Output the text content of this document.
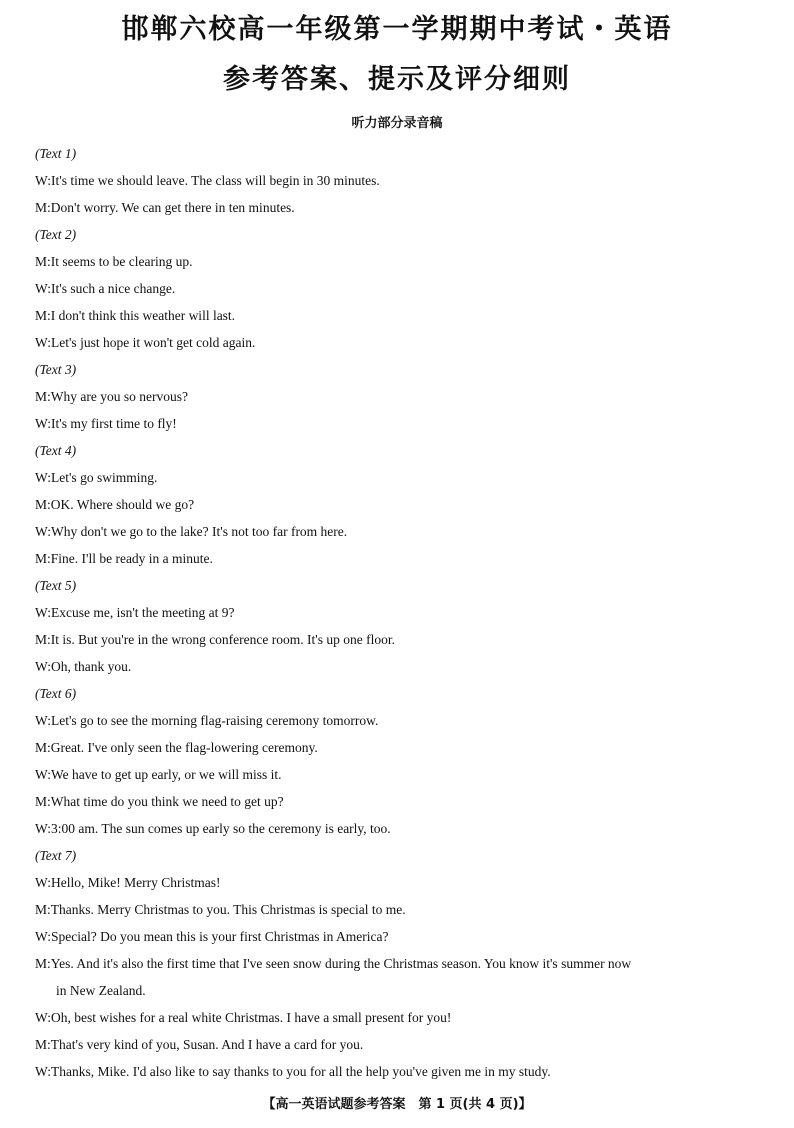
邯郸六校高一年级第一学期期中考试・英语
参考答案、提示及评分细则
听力部分录音稿
(Text 1)
W:It's time we should leave. The class will begin in 30 minutes.
M:Don't worry. We can get there in ten minutes.
(Text 2)
M:It seems to be clearing up.
W:It's such a nice change.
M:I don't think this weather will last.
W:Let's just hope it won't get cold again.
(Text 3)
M:Why are you so nervous?
W:It's my first time to fly!
(Text 4)
W:Let's go swimming.
M:OK. Where should we go?
W:Why don't we go to the lake? It's not too far from here.
M:Fine. I'll be ready in a minute.
(Text 5)
W:Excuse me, isn't the meeting at 9?
M:It is. But you're in the wrong conference room. It's up one floor.
W:Oh, thank you.
(Text 6)
W:Let's go to see the morning flag-raising ceremony tomorrow.
M:Great. I've only seen the flag-lowering ceremony.
W:We have to get up early, or we will miss it.
M:What time do you think we need to get up?
W:3:00 am. The sun comes up early so the ceremony is early, too.
(Text 7)
W:Hello, Mike! Merry Christmas!
M:Thanks. Merry Christmas to you. This Christmas is special to me.
W:Special? Do you mean this is your first Christmas in America?
M:Yes. And it's also the first time that I've seen snow during the Christmas season. You know it's summer now
in New Zealand.
W:Oh, best wishes for a real white Christmas. I have a small present for you!
M:That's very kind of you, Susan. And I have a card for you.
W:Thanks, Mike. I'd also like to say thanks to you for all the help you've given me in my study.
【高一英语试题参考答案　第 1 页(共 4 页)】
